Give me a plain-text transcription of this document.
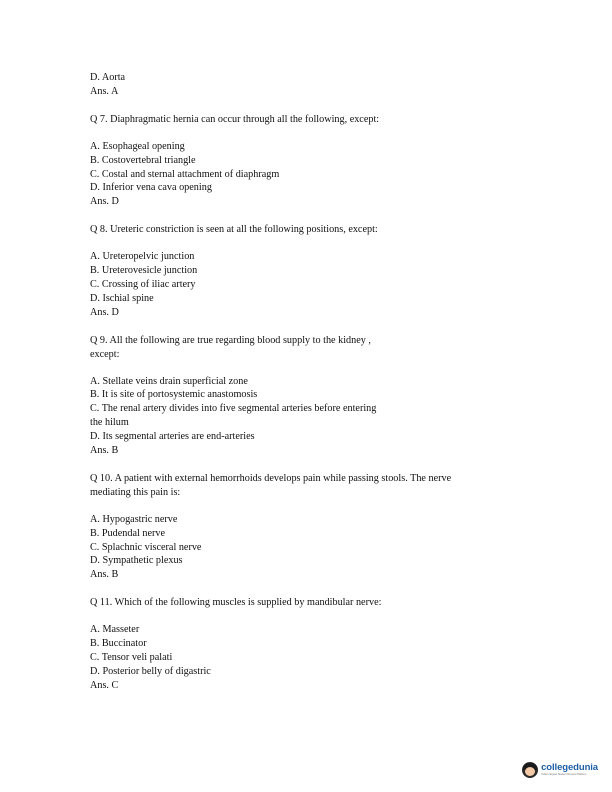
D. Aorta
Ans. A
Q 7. Diaphragmatic hernia can occur through all the following, except:
A. Esophageal opening
B. Costovertebral triangle
C. Costal and sternal attachment of diaphragm
D. Inferior vena cava opening
Ans. D
Q 8. Ureteric constriction is seen at all the following positions, except:
A. Ureteropelvic junction
B. Ureterovesicle junction
C. Crossing of iliac artery
D. Ischial spine
Ans. D
Q 9. All the following are true regarding blood supply to the kidney ,
except:
A. Stellate veins drain superficial zone
B. It is site of portosystemic anastomosis
C. The renal artery divides into five segmental arteries before entering
the hilum
D. Its segmental arteries are end-arteries
Ans. B
Q 10. A patient with external hemorrhoids develops pain while passing stools. The nerve
mediating this pain is:
A. Hypogastric nerve
B. Pudendal nerve
C. Splachnic visceral nerve
D. Sympathetic plexus
Ans. B
Q 11. Which of the following muscles is supplied by mandibular nerve:
A. Masseter
B. Buccinator
C. Tensor veli palati
D. Posterior belly of digastric
Ans. C
collegedunia
India's largest Student Review Platform
